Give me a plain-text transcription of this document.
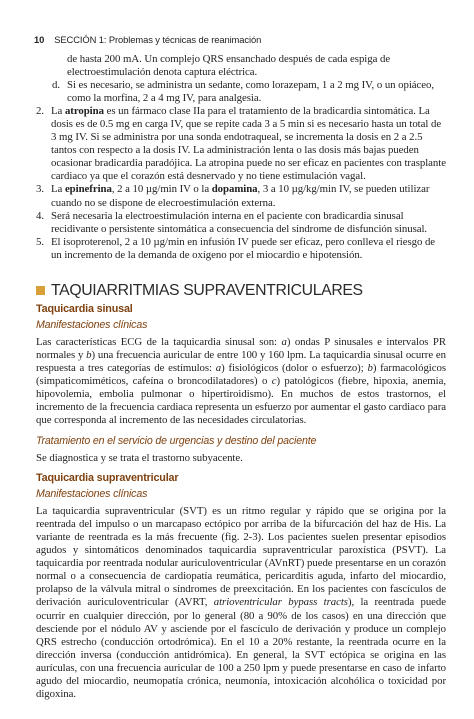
10 SECCIÓN 1: Problemas y técnicas de reanimación
de hasta 200 mA. Un complejo QRS ensanchado después de cada espiga de electroestimulación denota captura eléctrica.
d. Si es necesario, se administra un sedante, como lorazepam, 1 a 2 mg IV, o un opiáceo, como la morfina, 2 a 4 mg IV, para analgesia.
2. La atropina es un fármaco clase IIa para el tratamiento de la bradicardia sintomática. La dosis es de 0.5 mg en carga IV, que se repite cada 3 a 5 min si es necesario hasta un total de 3 mg IV. Si se administra por una sonda endotraqueal, se incrementa la dosis en 2 a 2.5 tantos con respecto a la dosis IV. La administración lenta o las dosis más bajas pueden ocasionar bradicardia paradójica. La atropina puede no ser eficaz en pacientes con trasplante cardiaco ya que el corazón está desnervado y no tiene estimulación vagal.
3. La epinefrina, 2 a 10 µg/min IV o la dopamina, 3 a 10 µg/kg/min IV, se pueden utilizar cuando no se dispone de elecroestimulación externa.
4. Será necesaria la electroestimulación interna en el paciente con bradicardia sinusal recidivante o persistente sintomática a consecuencia del síndrome de disfunción sinusal.
5. El isoproterenol, 2 a 10 µg/min en infusión IV puede ser eficaz, pero conlleva el riesgo de un incremento de la demanda de oxígeno por el miocardio e hipotensión.
TAQUIARRITMIAS SUPRAVENTRICULARES
Taquicardia sinusal
Manifestaciones clínicas

Las características ECG de la taquicardia sinusal son: a) ondas P sinusales e intervalos PR normales y b) una frecuencia auricular de entre 100 y 160 lpm. La taquicardia sinusal ocurre en respuesta a tres categorías de estímulos: a) fisiológicos (dolor o esfuerzo); b) farmacológicos (simpaticomiméticos, cafeína o broncodilatadores) o c) patológicos (fiebre, hipoxia, anemia, hipovolemia, embolia pulmonar o hipertiroidismo). En muchos de estos trastornos, el incremento de la frecuencia cardiaca representa un esfuerzo por aumentar el gasto cardiaco para que corresponda al incremento de las necesidades circulatorias.

Tratamiento en el servicio de urgencias y destino del paciente

Se diagnostica y se trata el trastorno subyacente.

Taquicardia supraventricular
Manifestaciones clínicas

La taquicardia supraventricular (SVT) es un ritmo regular y rápido que se origina por la reentrada del impulso o un marcapaso ectópico por arriba de la bifurcación del haz de His. La variante de reentrada es la más frecuente (fig. 2-3). Los pacientes suelen presentar episodios agudos y sintomáticos denominados taquicardia supraventricular paroxística (PSVT). La taquicardia por reentrada nodular auriculoventricular (AVnRT) puede presentarse en un corazón normal o a consecuencia de cardiopatía reumática, pericarditis aguda, infarto del miocardio, prolapso de la válvula mitral o síndromes de preexcitación. En los pacientes con fascículos de derivación auriculoventricular (AVRT, atrioventricular bypass tracts), la reentrada puede ocurrir en cualquier dirección, por lo general (80 a 90% de los casos) en una dirección que desciende por el nódulo AV y asciende por el fascículo de derivación y produce un complejo QRS estrecho (conducción ortodrómica). En el 10 a 20% restante, la reentrada ocurre en la dirección inversa (conducción antidrómica). En general, la SVT ectópica se origina en las aurículas, con una frecuencia auricular de 100 a 250 lpm y puede presentarse en caso de infarto agudo del miocardio, neumopatía crónica, neumonía, intoxicación alcohólica o toxicidad por digoxina.
